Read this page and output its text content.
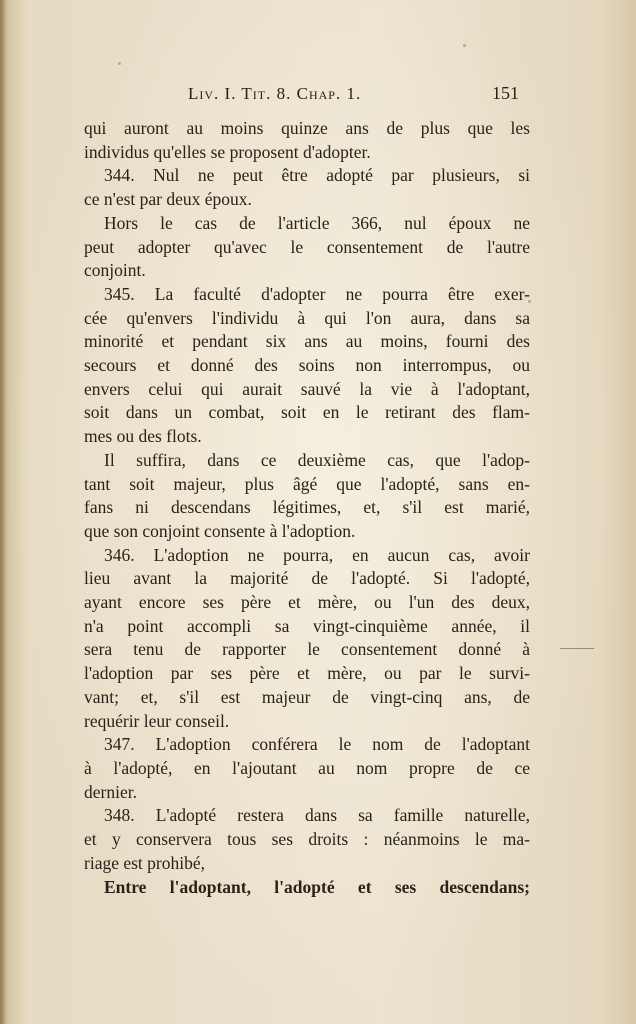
Liv. I. Tit. 8. Chap. 1.	151
qui auront au moins quinze ans de plus que les
individus qu'elles se proposent d'adopter.
344. Nul ne peut être adopté par plusieurs, si
ce n'est par deux époux.
Hors le cas de l'article 366, nul époux ne
peut adopter qu'avec le consentement de l'autre
conjoint.
345. La faculté d'adopter ne pourra être exer-
cée qu'envers l'individu à qui l'on aura, dans sa
minorité et pendant six ans au moins, fourni des
secours et donné des soins non interrompus, ou
envers celui qui aurait sauvé la vie à l'adoptant,
soit dans un combat, soit en le retirant des flam-
mes ou des flots.
Il suffira, dans ce deuxième cas, que l'adop-
tant soit majeur, plus âgé que l'adopté, sans en-
fans ni descendans légitimes, et, s'il est marié,
que son conjoint consente à l'adoption.
346. L'adoption ne pourra, en aucun cas, avoir
lieu avant la majorité de l'adopté. Si l'adopté,
ayant encore ses père et mère, ou l'un des deux,
n'a point accompli sa vingt-cinquième année, il
sera tenu de rapporter le consentement donné à
l'adoption par ses père et mère, ou par le survi-
vant; et, s'il est majeur de vingt-cinq ans, de
requérir leur conseil.
347. L'adoption conférera le nom de l'adoptant
à l'adopté, en l'ajoutant au nom propre de ce
dernier.
348. L'adopté restera dans sa famille naturelle,
et y conservera tous ses droits : néanmoins le ma-
riage est prohibé,
Entre l'adoptant, l'adopté et ses descendans;
